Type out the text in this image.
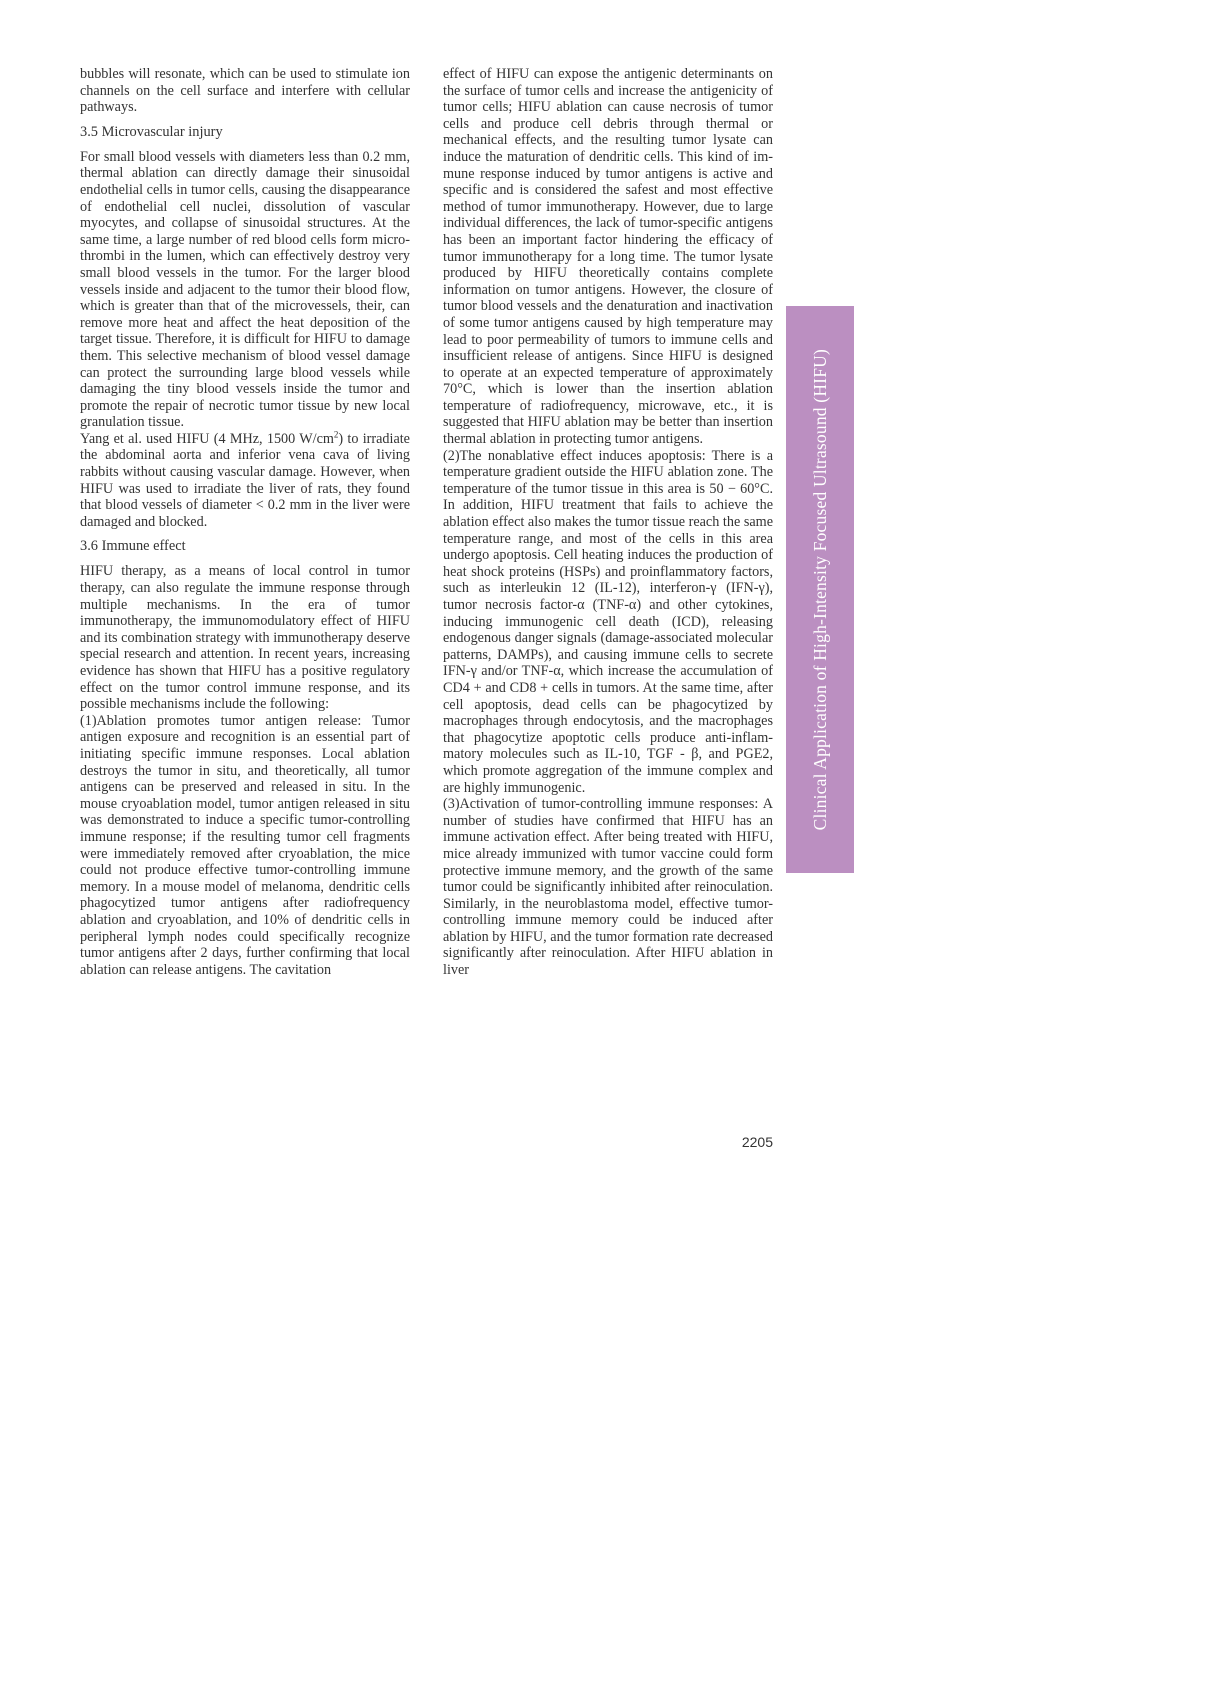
bubbles will resonate, which can be used to stimulate ion channels on the cell surface and interfere with cellular pathways.

3.5 Microvascular injury

For small blood vessels with diameters less than 0.2 mm, thermal ablation can directly damage their sinusoidal endothelial cells in tumor cells, causing the disappearance of endothelial cell nuclei, dissolution of vascular myocytes, and collapse of sinusoidal structures. At the same time, a large number of red blood cells form microthrombi in the lumen, which can effectively destroy very small blood vessels in the tumor. For the larger blood vessels inside and adjacent to the tumor their blood flow, which is greater than that of the microvessels, their, can remove more heat and affect the heat deposition of the target tissue. Therefore, it is difficult for HIFU to damage them. This selective mechanism of blood vessel damage can protect the surrounding large blood vessels while damaging the tiny blood vessels inside the tumor and promote the repair of necrotic tumor tissue by new local granulation tissue.

Yang et al. used HIFU (4 MHz, 1500 $W/cm^2$) to irradiate the abdominal aorta and inferior vena cava of living rabbits without causing vascular damage. However, when HIFU was used to irradiate the liver of rats, they found that blood vessels of diameter < 0.2 mm in the liver were damaged and blocked.

3.6 Immune effect

HIFU therapy, as a means of local control in tumor therapy, can also regulate the immune response through multiple mechanisms. In the era of tumor immunotherapy, the immunomodulatory effect of HIFU and its combination strategy with immunotherapy deserve special research and attention. In recent years, increasing evidence has shown that HIFU has a positive regulatory effect on the tumor control immune response, and its possible mechanisms include the following:

(1)Ablation promotes tumor antigen release: Tumor antigen exposure and recognition is an essential part of initiating specific immune responses. Local ablation destroys the tumor in situ, and theoretically, all tumor antigens can be preserved and released in situ. In the mouse cryoablation model, tumor antigen released in situ was demonstrated to induce a specific tumor-controlling immune response; if the resulting tumor cell fragments were immediately removed after cryoablation, the mice could not produce effective tumor-controlling immune memory. In a mouse model of melanoma, dendritic cells phagocytized tumor antigens after radiofrequency ablation and cryoablation, and 10% of dendritic cells in peripheral lymph nodes could specifically recognize tumor antigens after 2 days, further confirming that local ablation can release antigens. The cavitation

effect of HIFU can expose the antigenic determinants on the surface of tumor cells and increase the antigenicity of tumor cells; HIFU ablation can cause necrosis of tumor cells and produce cell debris through thermal or mechanical effects, and the resulting tumor lysate can induce the maturation of dendritic cells. This kind of immune response induced by tumor antigens is active and specific and is considered the safest and most effective method of tumor immunotherapy. However, due to large individual differences, the lack of tumor-specific antigens has been an important factor hindering the efficacy of tumor immunotherapy for a long time. The tumor lysate produced by HIFU theoretically contains complete information on tumor antigens. However, the closure of tumor blood vessels and the denaturation and inactivation of some tumor antigens caused by high temperature may lead to poor permeability of tumors to immune cells and insufficient release of antigens. Since HIFU is designed to operate at an expected temperature of approximately 70°C, which is lower than the insertion ablation temperature of radiofrequency, microwave, etc., it is suggested that HIFU ablation may be better than insertion thermal ablation in protecting tumor antigens.

(2)The nonablative effect induces apoptosis: There is a temperature gradient outside the HIFU ablation zone. The temperature of the tumor tissue in this area is 50 − 60°C. In addition, HIFU treatment that fails to achieve the ablation effect also makes the tumor tissue reach the same temperature range, and most of the cells in this area undergo apoptosis. Cell heating induces the production of heat shock proteins (HSPs) and proinflammatory factors, such as interleukin 12 (IL-12), interferon-γ (IFN-γ), tumor necrosis factor-α (TNF-α) and other cytokines, inducing immunogenic cell death (ICD), releasing endogenous danger signals (damage-associated molecular patterns, DAMPs), and causing immune cells to secrete IFN-γ and/or TNF-α, which increase the accumulation of CD4 + and CD8 + cells in tumors. At the same time, after cell apoptosis, dead cells can be phagocytized by macrophages through endocytosis, and the macrophages that phagocytize apoptotic cells produce anti-inflammatory molecules such as IL-10, TGF - β, and PGE2, which promote aggregation of the immune complex and are highly immunogenic.

(3)Activation of tumor-controlling immune responses: A number of studies have confirmed that HIFU has an immune activation effect. After being treated with HIFU, mice already immunized with tumor vaccine could form protective immune memory, and the growth of the same tumor could be significantly inhibited after reinoculation. Similarly, in the neuroblastoma model, effective tumor-controlling immune memory could be induced after ablation by HIFU, and the tumor formation rate decreased significantly after reinoculation. After HIFU ablation in liver

Clinical Application of High-Intensity Focused Ultrasound (HIFU)
2205
